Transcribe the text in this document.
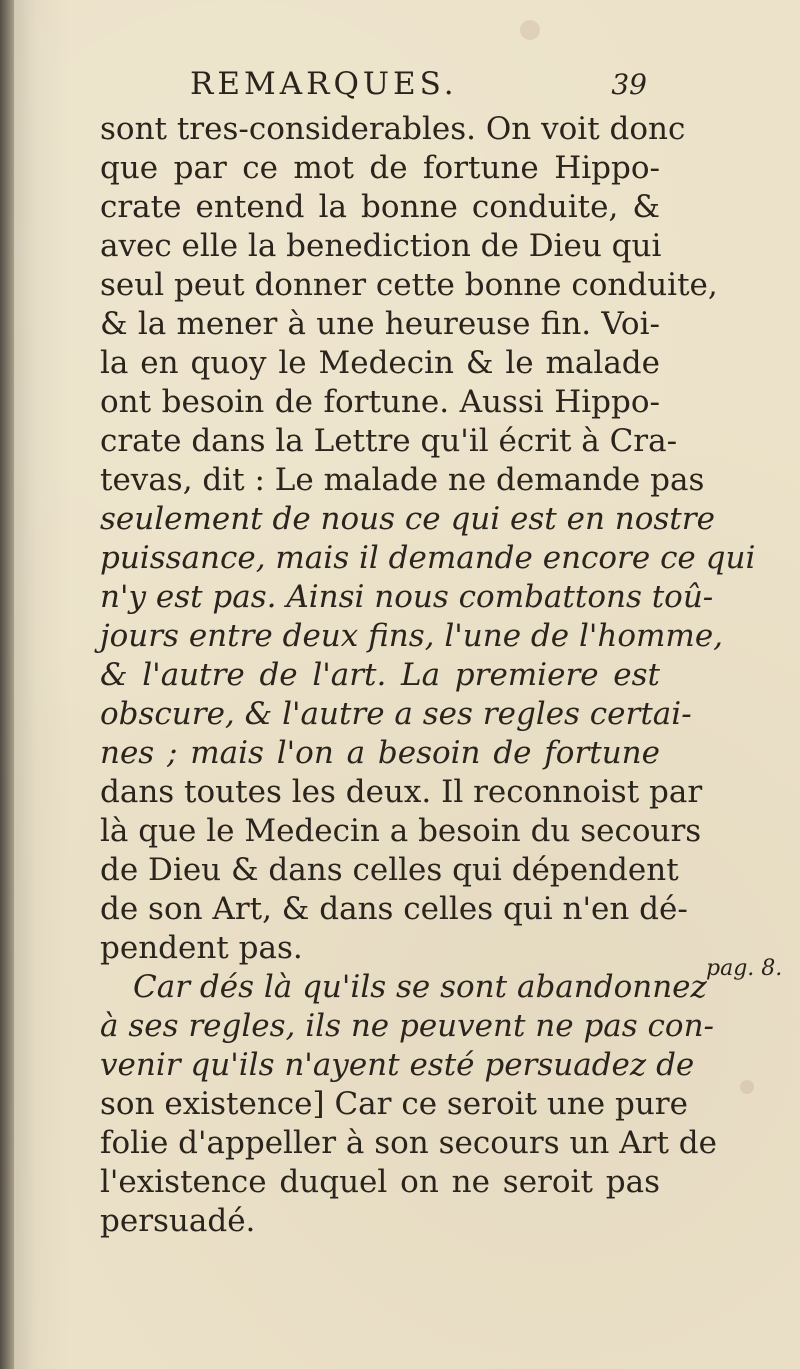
REMARQUES.	39

sont tres-considerables. On voit donc

que par ce mot de fortune Hippo-

crate entend la bonne conduite, &

avec elle la benediction de Dieu qui

seul peut donner cette bonne conduite,

& la mener à une heureuse fin. Voi-

la en quoy le Medecin & le malade

ont besoin de fortune. Aussi Hippo-

crate dans la Lettre qu'il écrit à Cra-

tevas, dit : Le malade ne demande pas

seulement de nous ce qui est en nostre

puissance, mais il demande encore ce qui

n'y est pas. Ainsi nous combattons toû-

jours entre deux fins, l'une de l'homme,

& l'autre de l'art. La premiere est

obscure, & l'autre a ses regles certai-

nes ; mais l'on a besoin de fortune

dans toutes les deux. Il reconnoist par

là que le Medecin a besoin du secours

de Dieu & dans celles qui dépendent

de son Art, & dans celles qui n'en dé-

pendent pas.

Car dés là qu'ils se sont abandonnez

à ses regles, ils ne peuvent ne pas con-

venir qu'ils n'ayent esté persuadez de

son existence] Car ce seroit une pure

folie d'appeller à son secours un Art de

l'existence duquel on ne seroit pas

persuadé.

pag. 8.
